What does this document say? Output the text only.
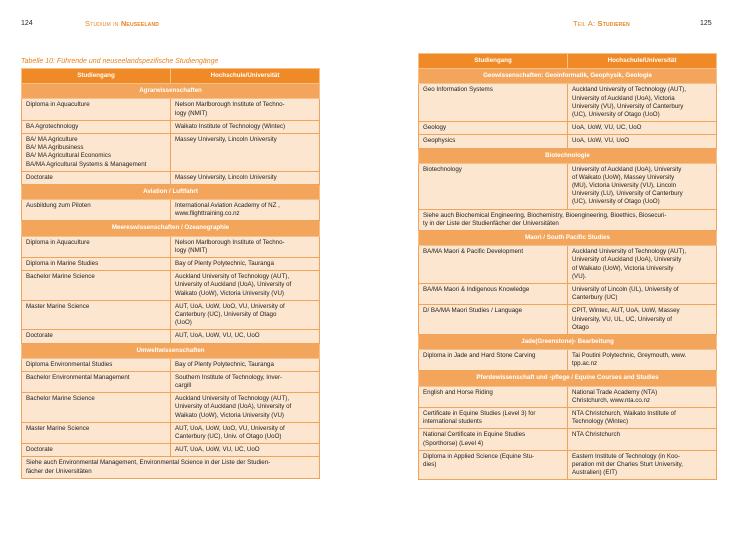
124	Studium in Neuseeland
Tabelle 10: Führende und neuseelandspezifische Studiengänge
Studiengang	Hochschule/Universität
Agrarwissenschaften	
Diploma in Aquaculture	Nelson Marlborough Institute of Techno-
logy (NMIT)
BA Agrotechnology	Waikato Institute of Technology (Wintec)
BA/ MA Agriculture
BA/ MA Agribusiness
BA/ MA Agricultural Economics
BA/MA Agricultural Systems & Management	Massey University, Lincoln University
Doctorate	Massey University, Lincoln University
Aviation / Luftfahrt	
Ausbildung zum Piloten	International Aviation Academy of NZ ,
www.flighttraining.co.nz
Meereswissenschaften / Ozeanographie	
Diploma in Aquaculture	Nelson Marlborough Institute of Techno-
logy (NMIT)
Diploma in Marine Studies	Bay of Plenty Polytechnic, Tauranga
Bachelor Marine Science	Auckland University of Technology (AUT),
University of Auckland (UoA), University of
Waikato (UoW), Victoria University (VU)
Master Marine Science	AUT, UoA, UoW, UoO, VU, University of
Canterbury (UC), University of Otago
(UoO)
Doctorate	AUT, UoA, UoW, VU, UC, UoO
Umweltwissenschaften	
Diploma Environmental Studies	Bay of Plenty Polytechnic, Tauranga
Bachelor Environmental Management	Southern Institute of Technology, Inver-
cargill
Bachelor Marine Science	Auckland University of Technology (AUT),
University of Auckland (UoA), University of
Waikato (UoW), Victoria University (VU)
Master Marine Science	AUT, UoA, UoW, UoO, VU, University of
Canterbury (UC), Univ. of Otago (UoO)
Doctorate	AUT, UoA, UoW, VU, UC, UoO
Siehe auch Environmental Management, Environmental Science in der Liste der Studien-
fächer der Universitäten	
Teil A: Studieren	125
Studiengang	Hochschule/Universität
Geowissenschaften: Geoinformatik, Geophysik, Geologie	
Geo Information Systems	Auckland University of Technology (AUT),
University of Auckland (UoA), Victoria
University (VU), University of Canterbury
(UC), University of Otago (UoO)
Geology	UoA, UoW, VU, UC, UoO
Geophysics	UoA, UoW, VU, UoO
Biotechnologie	
Biotechnology	University of Auckland (UoA), University
of Waikato (UoW), Massey University
(MU), Victoria University (VU), Lincoln
University (LU), University of Canterbury
(UC), University of Otago (UoO)
Siehe auch Biochemical Engineering, Biochemistry, Bioengineering, Bioethics, Biosecuri-
ty in der Liste der Studienfächer der Universitäten	
Maori / South Pacific Studies	
BA/MA Maori & Pacific Development	Auckland University of Technology (AUT),
University of Auckland (UoA), University
of Waikato (UoW), Victoria University
(VU).
BA/MA Maori & Indigenous Knowledge	University of Lincoln (UL), University of
Canterbury (UC)
D/ BA/MA Maori Studies / Language	CPIT, Wintec, AUT, UoA, UoW, Massey
University, VU, UL, UC, University of
Otago
Jade(Greenstone)- Bearbeitung	
Diploma in Jade and Hard Stone Carving	Tai Poutini Polytechnic, Greymouth, www.
tpp.ac.nz
Pferdewissenschaft und -pflege / Equine Courses and Studies	
English and Horse Riding	National Trade Academy (NTA)
Christchurch, www.nta.co.nz
Certificate in Equine Studies (Level 3) for
international students	NTA Christchurch, Waikato Institute of
Technology (Wintec)
National Certificate in Equine Studies
(Sporthorse) (Level 4)	NTA Christchurch
Diploma in Applied Science (Equine Stu-
dies)	Eastern Institute of Technology (in Koo-
peration mit der Charles Sturt University,
Australien) (EIT)
